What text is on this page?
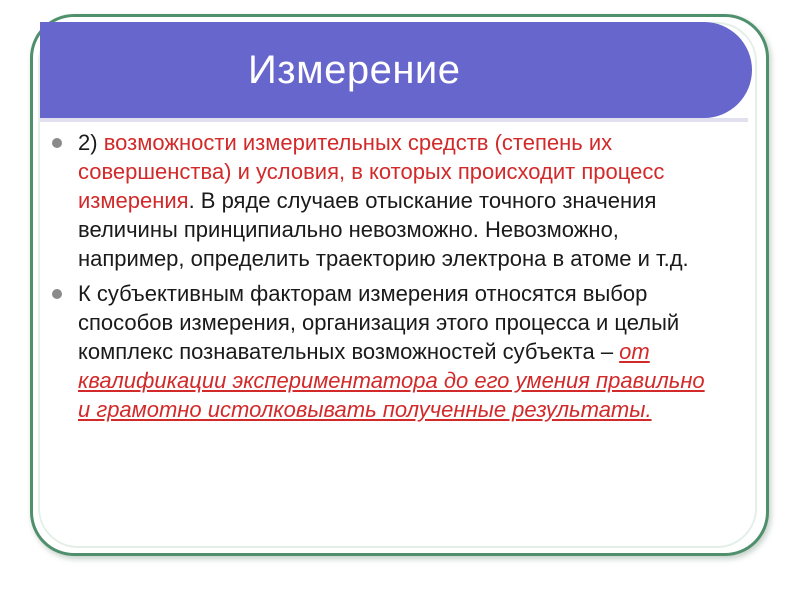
Измерение
2) возможности измерительных средств (степень их совершенства) и условия, в которых происходит процесс измерения. В ряде случаев отыскание точного значения величины принципиально невозможно. Невозможно, например, определить траекторию электрона в атоме и т.д.
К субъективным факторам измерения относятся выбор способов измерения, организация этого процесса и целый комплекс познавательных возможностей субъекта – от квалификации экспериментатора до его умения правильно и грамотно истолковывать полученные результаты.
